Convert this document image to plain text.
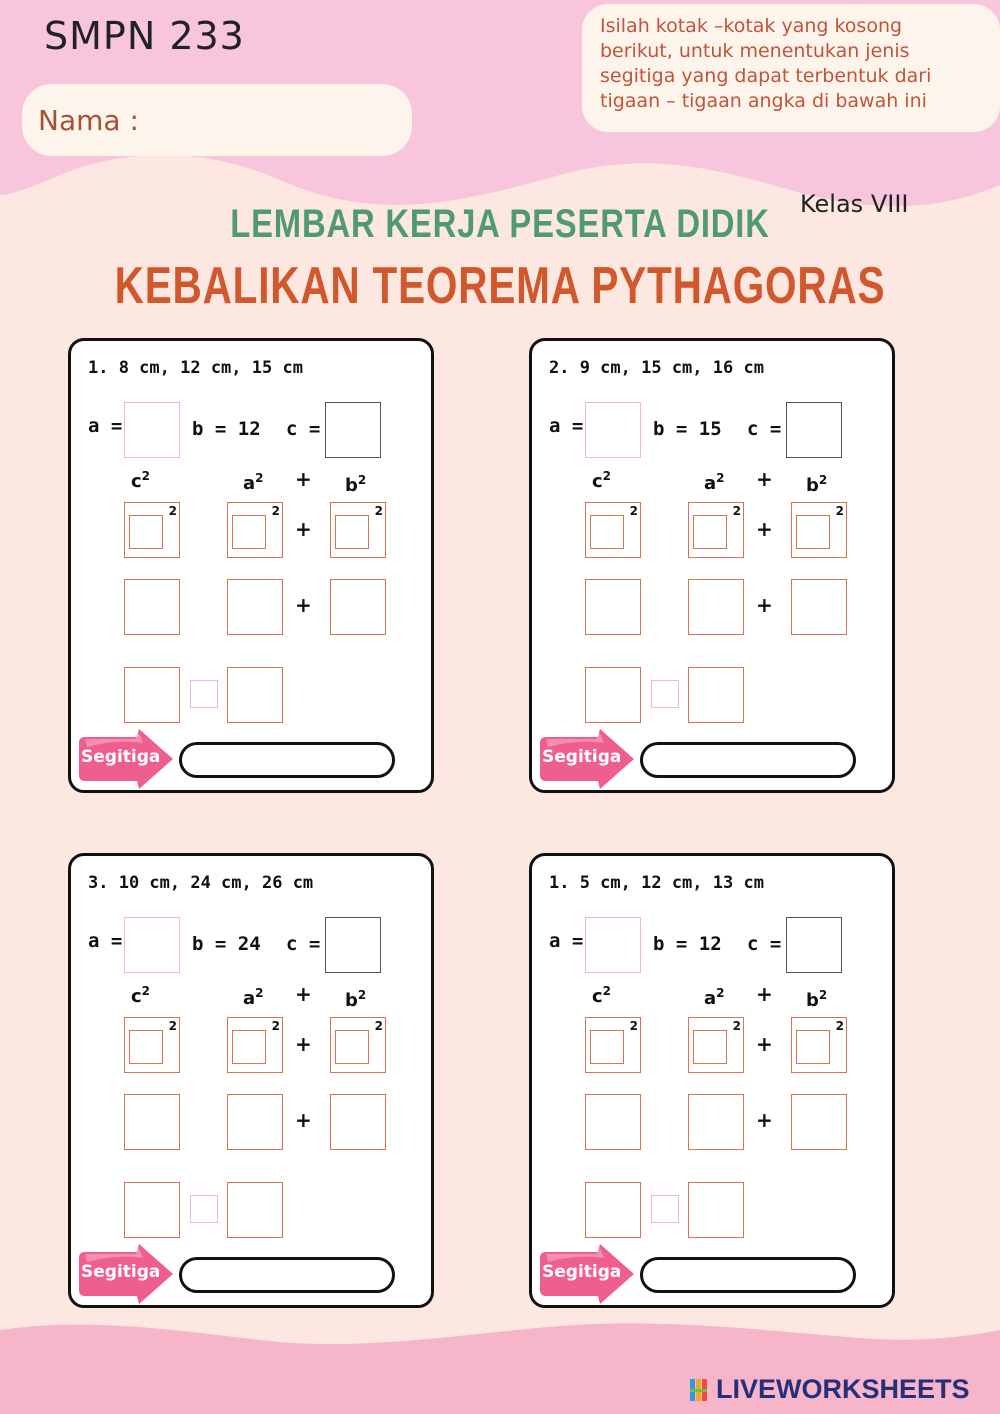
SMPN 233
Nama :
Isilah kotak –kotak yang kosong berikut, untuk menentukan jenis segitiga yang dapat terbentuk dari tigaan – tigaan angka di bawah ini
Kelas VIII
LEMBAR KERJA PESERTA DIDIK
KEBALIKAN TEOREMA PYTHAGORAS
1. 8 cm, 12 cm, 15 cm
a =	b = 12 c =
$c^2$	$a^2 + b^2$
2	2
+
2
+
Segitiga
2. 9 cm, 15 cm, 16 cm
a =	b = 15 c =
$c^2$	$a^2 + b^2$
2	2
+
2
+
Segitiga
3. 10 cm, 24 cm, 26 cm
a =	b = 24 c =
$c^2$	$a^2 + b^2$
2	2
+
2
+
Segitiga
1. 5 cm, 12 cm, 13 cm
a =	b = 12 c =
$c^2$	$a^2 + b^2$
2	2
+
2
+
Segitiga
LIVEWORKSHEETS
